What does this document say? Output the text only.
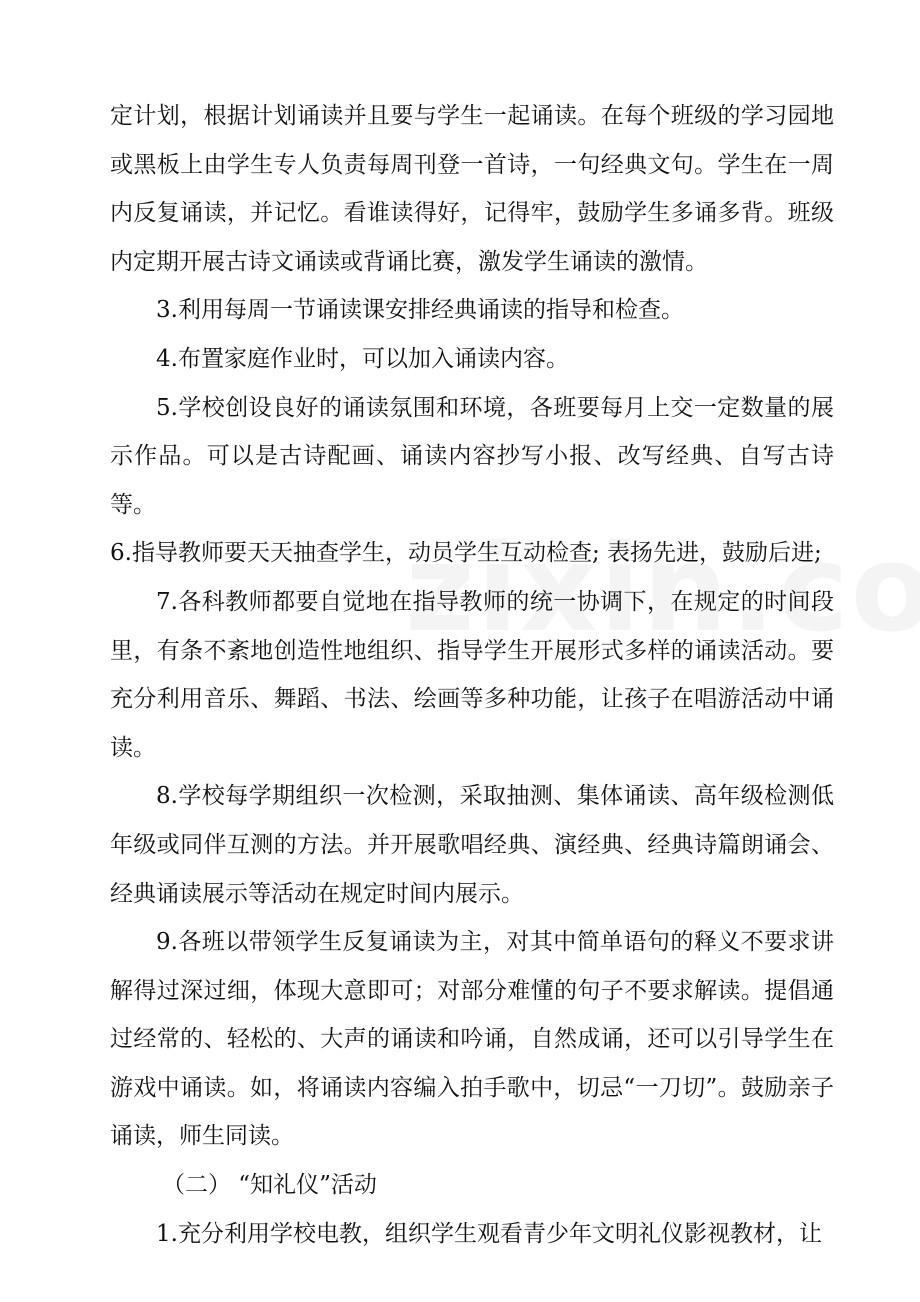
定计划，根据计划诵读并且要与学生一起诵读。在每个班级的学习园地或黑板上由学生专人负责每周刊登一首诗，一句经典文句。学生在一周内反复诵读，并记忆。看谁读得好，记得牢，鼓励学生多诵多背。班级内定期开展古诗文诵读或背诵比赛，激发学生诵读的激情。

3.利用每周一节诵读课安排经典诵读的指导和检查。

4.布置家庭作业时，可以加入诵读内容。

5.学校创设良好的诵读氛围和环境，各班要每月上交一定数量的展示作品。可以是古诗配画、诵读内容抄写小报、改写经典、自写古诗等。

6.指导教师要天天抽查学生，动员学生互动检查; 表扬先进，鼓励后进;

7.各科教师都要自觉地在指导教师的统一协调下，在规定的时间段里，有条不紊地创造性地组织、指导学生开展形式多样的诵读活动。要充分利用音乐、舞蹈、书法、绘画等多种功能，让孩子在唱游活动中诵读。

8.学校每学期组织一次检测，采取抽测、集体诵读、高年级检测低年级或同伴互测的方法。并开展歌唱经典、演经典、经典诗篇朗诵会、经典诵读展示等活动在规定时间内展示。

9.各班以带领学生反复诵读为主，对其中简单语句的释义不要求讲解得过深过细，体现大意即可；对部分难懂的句子不要求解读。提倡通过经常的、轻松的、大声的诵读和吟诵，自然成诵，还可以引导学生在游戏中诵读。如，将诵读内容编入拍手歌中，切忌“一刀切”。鼓励亲子诵读，师生同读。

（二） “知礼仪”活动

1.充分利用学校电教，组织学生观看青少年文明礼仪影视教材，让
